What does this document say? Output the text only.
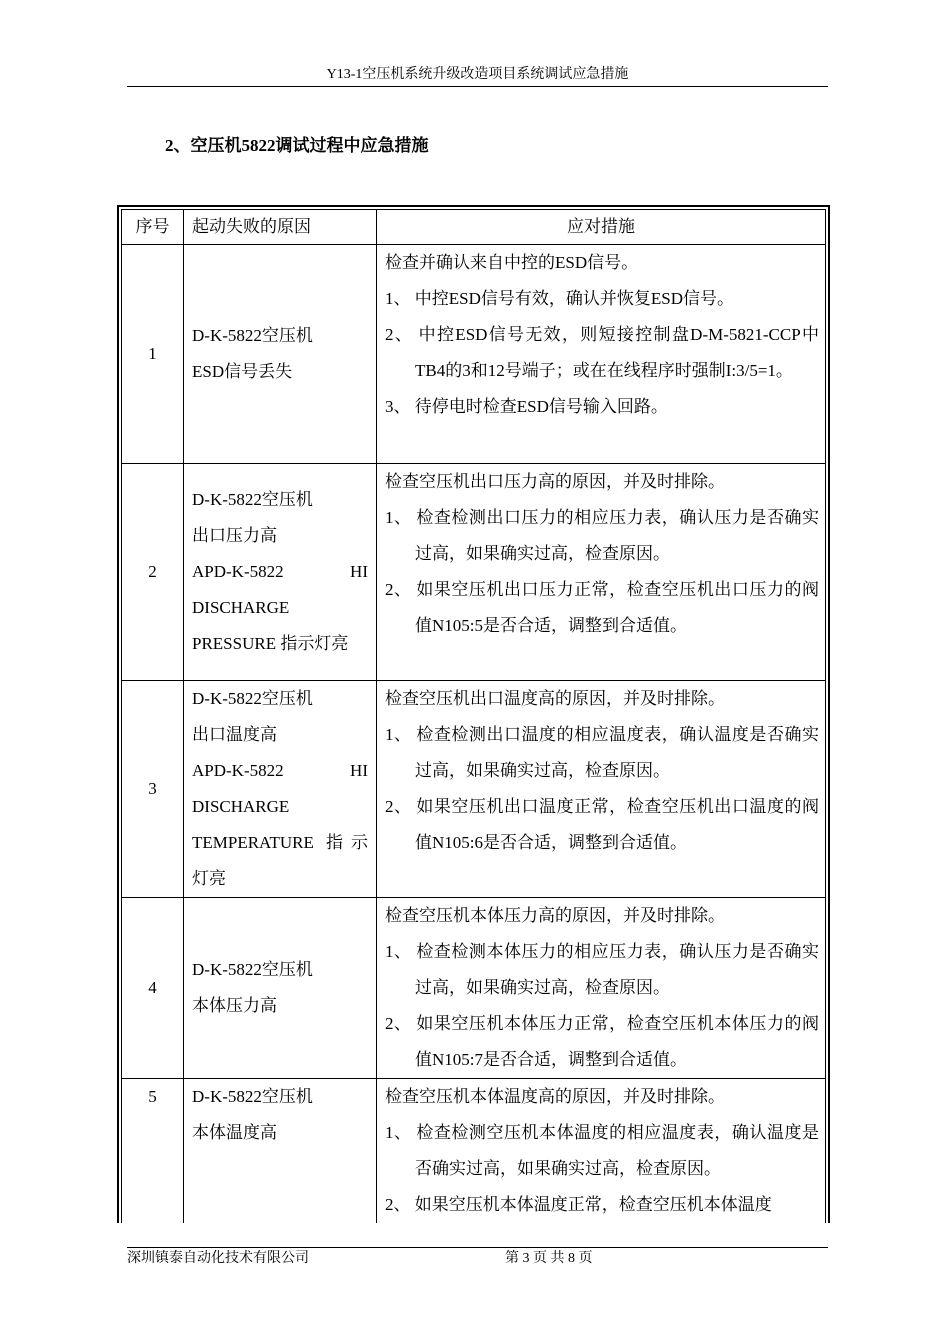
Y13-1空压机系统升级改造项目系统调试应急措施
2、空压机5822调试过程中应急措施
序号	起动失败的原因	应对措施
1	D-K-5822空压机
ESD信号丢失	检查并确认来自中控的ESD信号。
1、 中控ESD信号有效，确认并恢复ESD信号。
2、 中控ESD信号无效，则短接控制盘D-M-5821-CCP中TB4的3和12号端子；或在在线程序时强制I:3/5=1。
3、 待停电时检查ESD信号输入回路。

2	D-K-5822空压机
出口压力高
APD-K-5822 HI
DISCHARGE
PRESSURE 指示灯亮	检查空压机出口压力高的原因，并及时排除。
1、 检查检测出口压力的相应压力表，确认压力是否确实过高，如果确实过高，检查原因。
2、 如果空压机出口压力正常，检查空压机出口压力的阀值N105:5是否合适，调整到合适值。

3	D-K-5822空压机
出口温度高
APD-K-5822 HI
DISCHARGE
TEMPERATURE 指示灯亮	检查空压机出口温度高的原因，并及时排除。
1、 检查检测出口温度的相应温度表，确认温度是否确实过高，如果确实过高，检查原因。
2、 如果空压机出口温度正常，检查空压机出口温度的阀值N105:6是否合适，调整到合适值。

4	D-K-5822空压机
本体压力高	检查空压机本体压力高的原因，并及时排除。
1、 检查检测本体压力的相应压力表，确认压力是否确实过高，如果确实过高，检查原因。
2、 如果空压机本体压力正常，检查空压机本体压力的阀值N105:7是否合适，调整到合适值。

5	D-K-5822空压机
本体温度高	检查空压机本体温度高的原因，并及时排除。
1、 检查检测空压机本体温度的相应温度表，确认温度是否确实过高，如果确实过高，检查原因。
2、 如果空压机本体温度正常，检查空压机本体温度
深圳镇泰自动化技术有限公司	第 3 页 共 8 页
